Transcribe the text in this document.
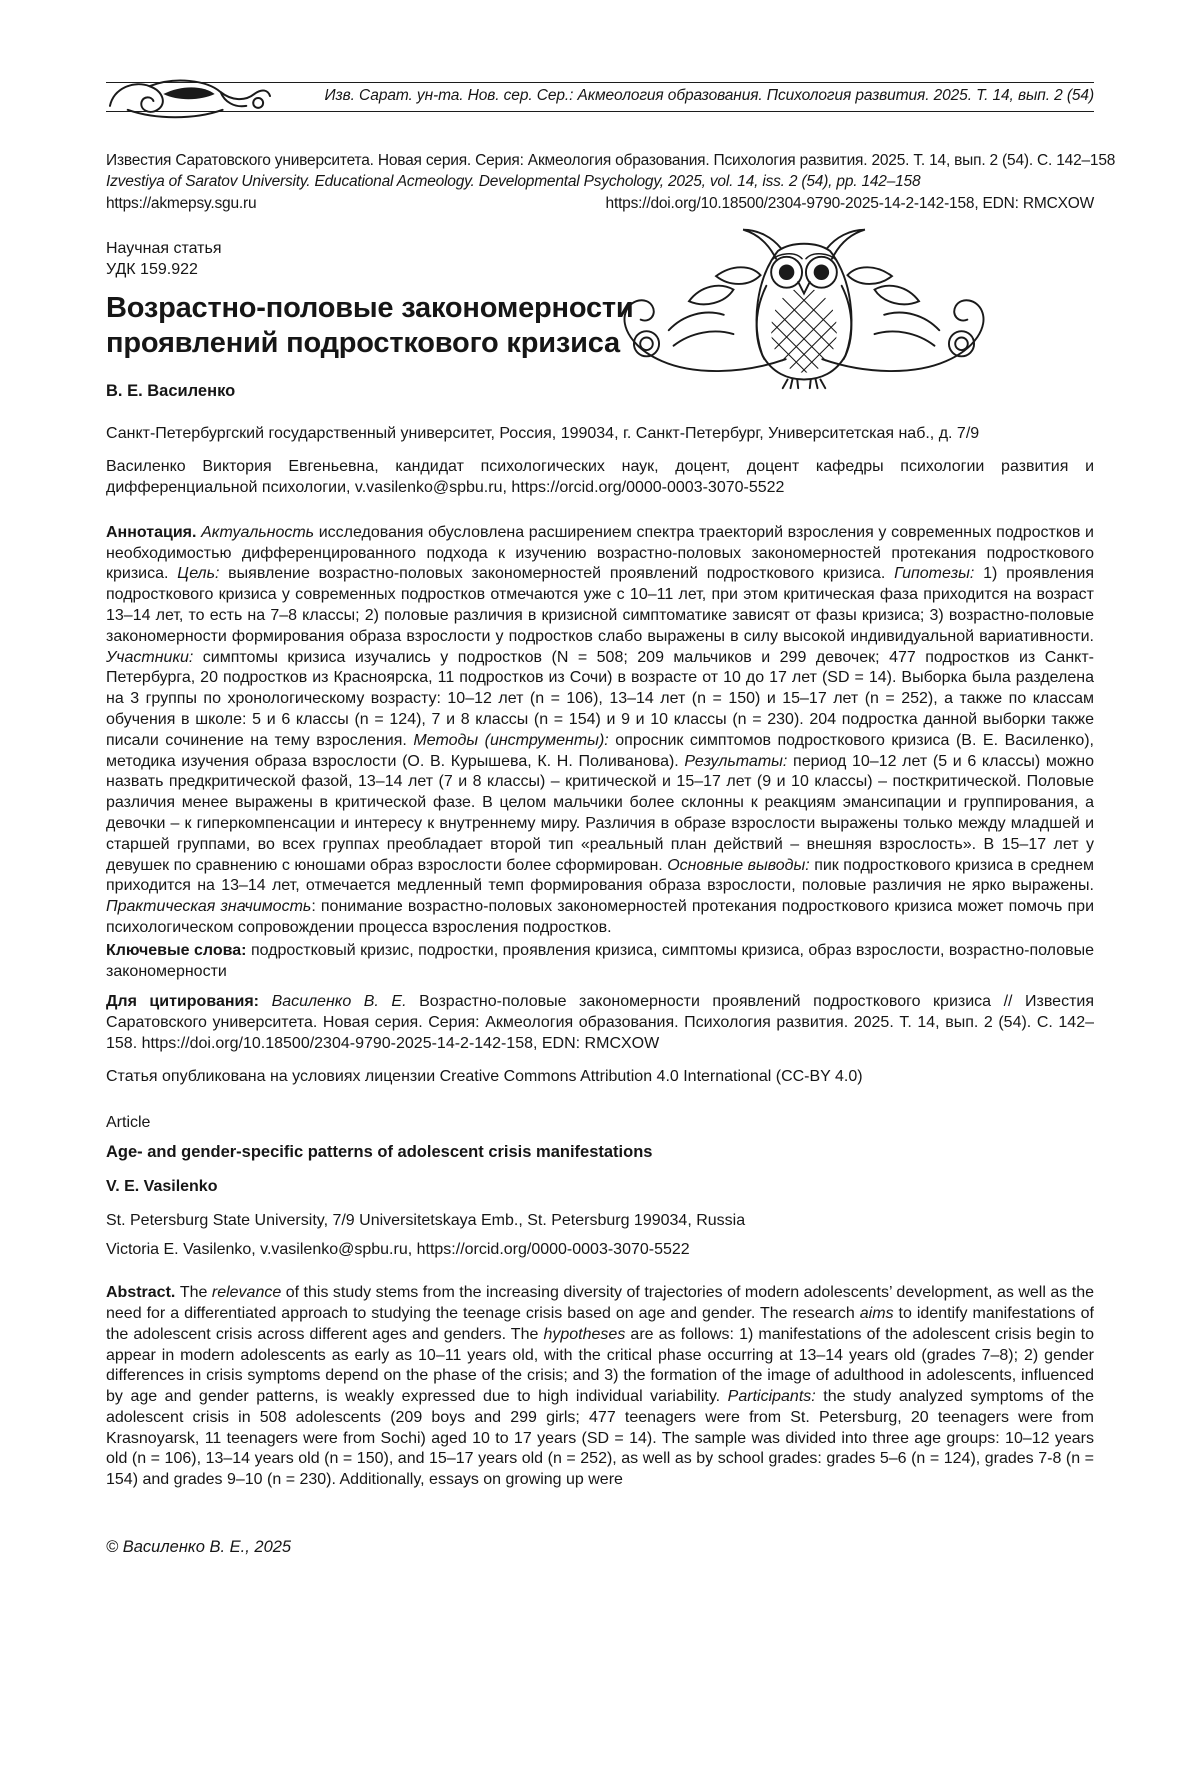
Изв. Сарат. ун-та. Нов. сер. Сер.: Акмеология образования. Психология развития. 2025. Т. 14, вып. 2 (54)

Известия Саратовского университета. Новая серия. Серия: Акмеология образования. Психология развития. 2025. Т. 14, вып. 2 (54). С. 142–158

Izvestiya of Saratov University. Educational Acmeology. Developmental Psychology, 2025, vol. 14, iss. 2 (54), pp. 142–158

https://akmepsy.sgu.ru	https://doi.org/10.18500/2304-9790-2025-14-2-142-158, EDN: RMCXOW

Научная статья

УДК 159.922

Возрастно-половые закономерности проявлений подросткового кризиса

В. Е. Василенко

Санкт-Петербургский государственный университет, Россия, 199034, г. Санкт-Петербург, Университетская наб., д. 7/9

Василенко Виктория Евгеньевна, кандидат психологических наук, доцент, доцент кафедры психологии развития и дифференциальной психологии, v.vasilenko@spbu.ru, https://orcid.org/0000-0003-3070-5522

Аннотация. Актуальность исследования обусловлена расширением спектра траекторий взросления у современных подростков и необходимостью дифференцированного подхода к изучению возрастно-половых закономерностей протекания подросткового кризиса. Цель: выявление возрастно-половых закономерностей проявлений подросткового кризиса. Гипотезы: 1) проявления подросткового кризиса у современных подростков отмечаются уже с 10–11 лет, при этом критическая фаза приходится на возраст 13–14 лет, то есть на 7–8 классы; 2) половые различия в кризисной симптоматике зависят от фазы кризиса; 3) возрастно-половые закономерности формирования образа взрослости у подростков слабо выражены в силу высокой индивидуальной вариативности. Участники: симптомы кризиса изучались у подростков (N = 508; 209 мальчиков и 299 девочек; 477 подростков из Санкт-Петербурга, 20 подростков из Красноярска, 11 подростков из Сочи) в возрасте от 10 до 17 лет (SD = 14). Выборка была разделена на 3 группы по хронологическому возрасту: 10–12 лет (n = 106), 13–14 лет (n = 150) и 15–17 лет (n = 252), а также по классам обучения в школе: 5 и 6 классы (n = 124), 7 и 8 классы (n = 154) и 9 и 10 классы (n = 230). 204 подростка данной выборки также писали сочинение на тему взросления. Методы (инструменты): опросник симптомов подросткового кризиса (В. Е. Василенко), методика изучения образа взрослости (О. В. Курышева, К. Н. Поливанова). Результаты: период 10–12 лет (5 и 6 классы) можно назвать предкритической фазой, 13–14 лет (7 и 8 классы) – критической и 15–17 лет (9 и 10 классы) – посткритической. Половые различия менее выражены в критической фазе. В целом мальчики более склонны к реакциям эмансипации и группирования, а девочки – к гиперкомпенсации и интересу к внутреннему миру. Различия в образе взрослости выражены только между младшей и старшей группами, во всех группах преобладает второй тип «реальный план действий – внешняя взрослость». В 15–17 лет у девушек по сравнению с юношами образ взрослости более сформирован. Основные выводы: пик подросткового кризиса в среднем приходится на 13–14 лет, отмечается медленный темп формирования образа взрослости, половые различия не ярко выражены. Практическая значимость: понимание возрастно-половых закономерностей протекания подросткового кризиса может помочь при психологическом сопровождении процесса взросления подростков.

Ключевые слова: подростковый кризис, подростки, проявления кризиса, симптомы кризиса, образ взрослости, возрастно-половые закономерности

Для цитирования: Василенко В. Е. Возрастно-половые закономерности проявлений подросткового кризиса // Известия Саратовского университета. Новая серия. Серия: Акмеология образования. Психология развития. 2025. Т. 14, вып. 2 (54). С. 142–158. https://doi.org/10.18500/2304-9790-2025-14-2-142-158, EDN: RMCXOW

Статья опубликована на условиях лицензии Creative Commons Attribution 4.0 International (CC-BY 4.0)

Article

Age- and gender-specific patterns of adolescent crisis manifestations

V. E. Vasilenko

St. Petersburg State University, 7/9 Universitetskaya Emb., St. Petersburg 199034, Russia

Victoria E. Vasilenko, v.vasilenko@spbu.ru, https://orcid.org/0000-0003-3070-5522

Abstract. The relevance of this study stems from the increasing diversity of trajectories of modern adolescents’ development, as well as the need for a differentiated approach to studying the teenage crisis based on age and gender. The research aims to identify manifestations of the adolescent crisis across different ages and genders. The hypotheses are as follows: 1) manifestations of the adolescent crisis begin to appear in modern adolescents as early as 10–11 years old, with the critical phase occurring at 13–14 years old (grades 7–8); 2) gender differences in crisis symptoms depend on the phase of the crisis; and 3) the formation of the image of adulthood in adolescents, influenced by age and gender patterns, is weakly expressed due to high individual variability. Participants: the study analyzed symptoms of the adolescent crisis in 508 adolescents (209 boys and 299 girls; 477 teenagers were from St. Petersburg, 20 teenagers were from Krasnoyarsk, 11 teenagers were from Sochi) aged 10 to 17 years (SD = 14). The sample was divided into three age groups: 10–12 years old (n = 106), 13–14 years old (n = 150), and 15–17 years old (n = 252), as well as by school grades: grades 5–6 (n = 124), grades 7-8 (n = 154) and grades 9–10 (n = 230). Additionally, essays on growing up were

© Василенко В. Е., 2025
